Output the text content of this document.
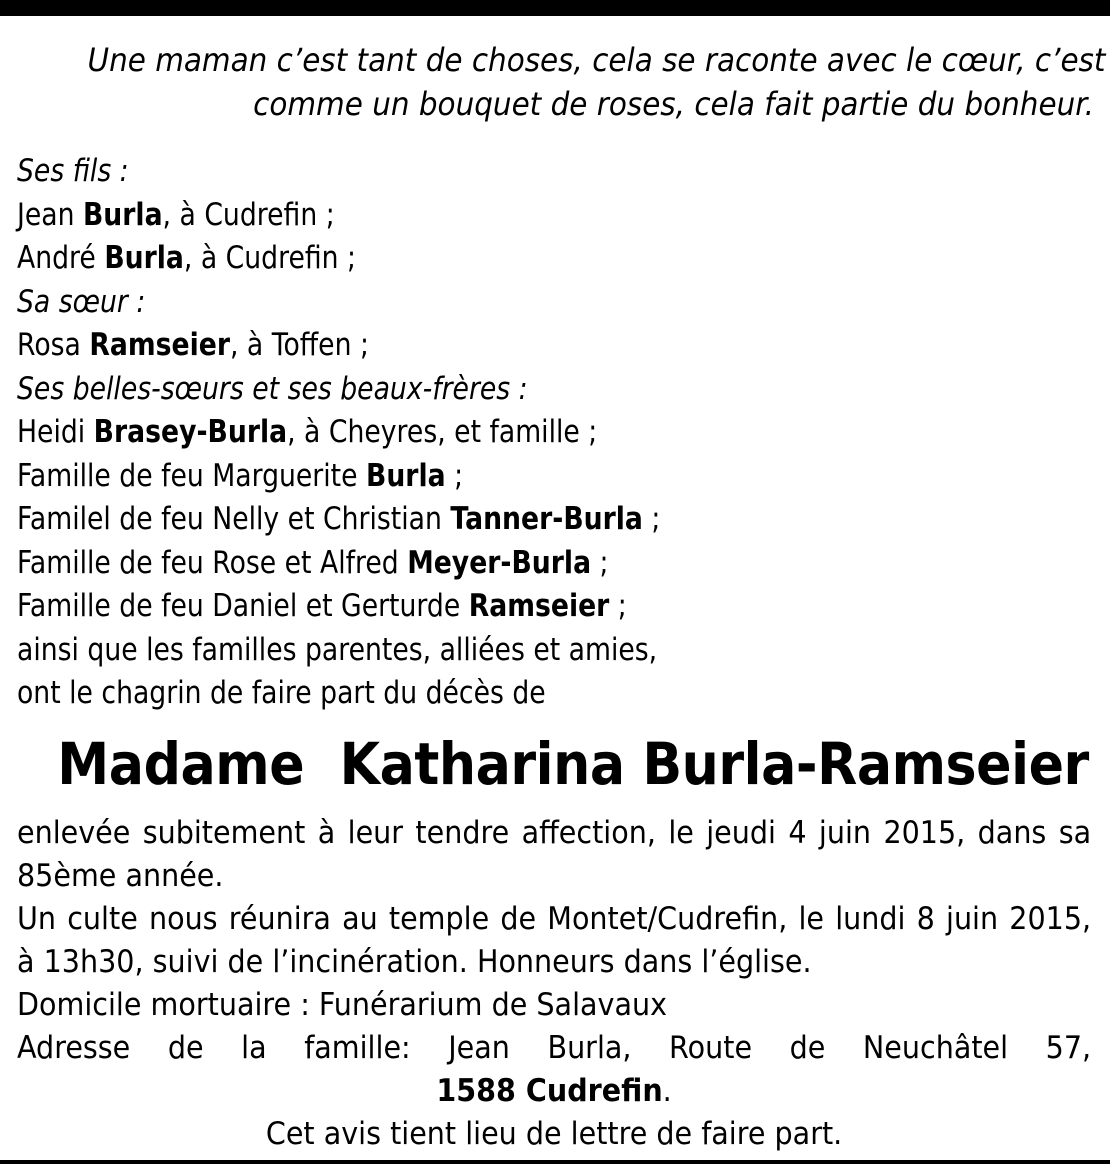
Une maman c’est tant de choses, cela se raconte avec le cœur, c’est
comme un bouquet de roses, cela fait partie du bonheur.
Ses fils :
Jean Burla, à Cudrefin ;
André Burla, à Cudrefin ;
Sa sœur :
Rosa Ramseier, à Toffen ;
Ses belles-sœurs et ses beaux-frères :
Heidi Brasey-Burla, à Cheyres, et famille ;
Famille de feu Marguerite Burla ;
Familel de feu Nelly et Christian Tanner-Burla ;
Famille de feu Rose et Alfred Meyer-Burla ;
Famille de feu Daniel et Gerturde Ramseier ;
ainsi que les familles parentes, alliées et amies,
ont le chagrin de faire part du décès de
Madame  Katharina Burla-Ramseier
enlevée subitement à leur tendre affection, le jeudi 4 juin 2015, dans sa 85ème année.
Un culte nous réunira au temple de Montet/Cudrefin, le lundi 8 juin 2015, à 13h30, suivi de l’incinération. Honneurs dans l’église.
Domicile mortuaire : Funérarium de Salavaux
Adresse de la famille: Jean Burla, Route de Neuchâtel 57,
1588 Cudrefin.
Cet avis tient lieu de lettre de faire part.
